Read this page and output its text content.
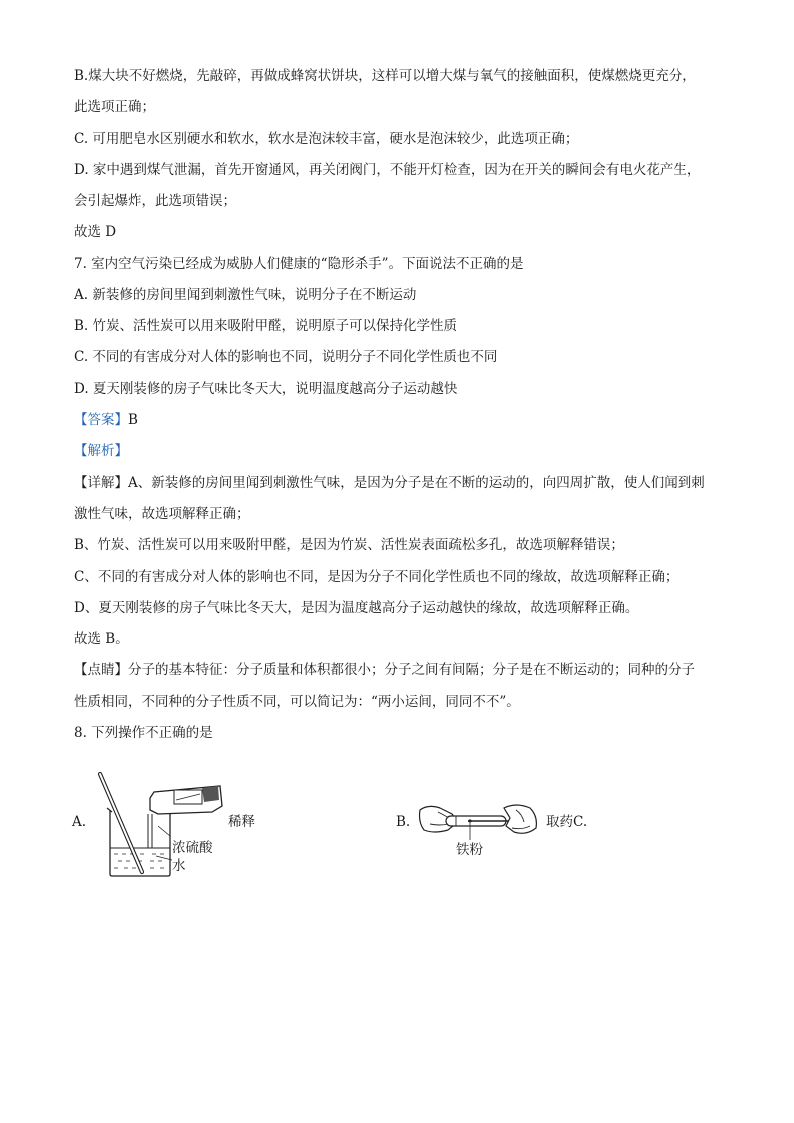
B.煤大块不好燃烧，先敲碎，再做成蜂窝状饼块，这样可以增大煤与氧气的接触面积，使煤燃烧更充分，
此选项正确；
C. 可用肥皂水区别硬水和软水，软水是泡沫较丰富，硬水是泡沫较少，此选项正确；
D. 家中遇到煤气泄漏，首先开窗通风，再关闭阀门，不能开灯检查，因为在开关的瞬间会有电火花产生，
会引起爆炸，此选项错误；
故选 D
7. 室内空气污染已经成为威胁人们健康的“隐形杀手”。下面说法不正确的是
A. 新装修的房间里闻到刺激性气味，说明分子在不断运动
B. 竹炭、活性炭可以用来吸附甲醛，说明原子可以保持化学性质
C. 不同的有害成分对人体的影响也不同，说明分子不同化学性质也不同
D. 夏天刚装修的房子气味比冬天大，说明温度越高分子运动越快
【答案】B
【解析】
【详解】A、新装修的房间里闻到刺激性气味，是因为分子是在不断的运动的，向四周扩散，使人们闻到刺
激性气味，故选项解释正确；
B、竹炭、活性炭可以用来吸附甲醛，是因为竹炭、活性炭表面疏松多孔，故选项解释错误；
C、不同的有害成分对人体的影响也不同，是因为分子不同化学性质也不同的缘故，故选项解释正确；
D、夏天刚装修的房子气味比冬天大，是因为温度越高分子运动越快的缘故，故选项解释正确。
故选 B。
【点睛】分子的基本特征：分子质量和体积都很小；分子之间有间隔；分子是在不断运动的；同种的分子
性质相同，不同种的分子性质不同，可以简记为：“两小运间，同同不不”。
8. 下列操作不正确的是
A.	稀释
浓硫酸
水
B.
铁粉
取药C.
